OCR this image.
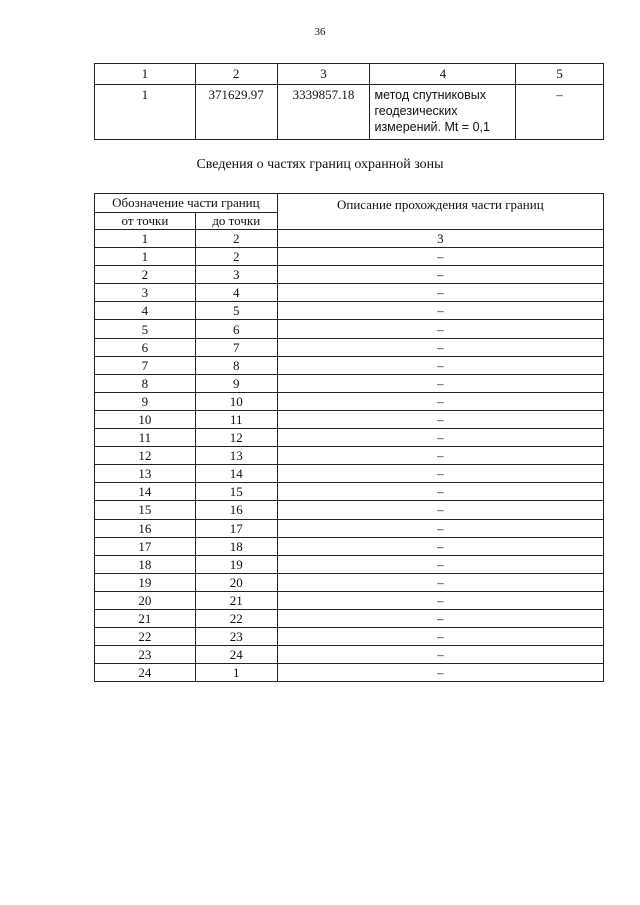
36
1	2	3	4	5
1	371629.97	3339857.18	метод спутниковых
геодезических
измерений. Mt = 0,1	–
Сведения о частях границ охранной зоны
Обозначение части границ		Описание прохождения части границ
от точки	до точки	
1	2	3
1	2	–
2	3	–
3	4	–
4	5	–
5	6	–
6	7	–
7	8	–
8	9	–
9	10	–
10	11	–
11	12	–
12	13	–
13	14	–
14	15	–
15	16	–
16	17	–
17	18	–
18	19	–
19	20	–
20	21	–
21	22	–
22	23	–
23	24	–
24	1	–
